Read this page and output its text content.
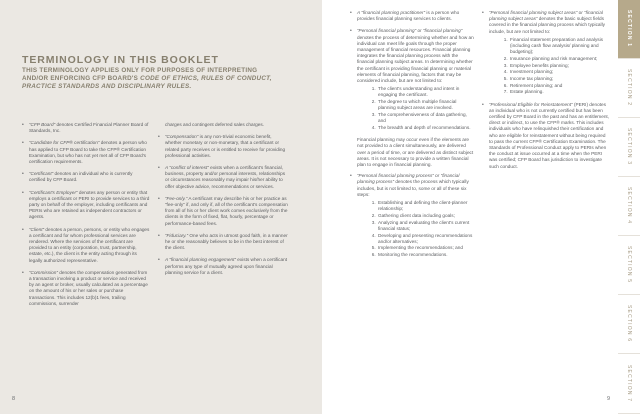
TERMINOLOGY IN THIS BOOKLET

THIS TERMINOLOGY APPLIES ONLY FOR PURPOSES OF INTERPRETING AND/OR ENFORCING CFP BOARD'S CODE OF ETHICS, RULES OF CONDUCT, PRACTICE STANDARDS AND DISCIPLINARY RULES.

• “CFP Board” denotes Certified Financial Planner Board of Standards, Inc.
• “Candidate for CFP® certification” denotes a person who has applied to CFP Board to take the CFP® Certification Examination, but who has not yet met all of CFP Board's certification requirements.
• “Certificant” denotes an individual who is currently certified by CFP Board.
• “Certificant's Employer” denotes any person or entity that employs a certificant or PERI to provide services to a third party on behalf of the employer, including certificants and PERIs who are retained as independent contractors or agents.
• “Client” denotes a person, persons, or entity who engages a certificant and for whom professional services are rendered. Where the services of the certificant are provided to an entity (corporation, trust, partnership, estate, etc.), the client is the entity acting through its legally authorized representative.
• “Commission” denotes the compensation generated from a transaction involving a product or service and received by an agent or broker, usually calculated as a percentage on the amount of his or her sales or purchase transactions. This includes 12(b)1 fees, trailing commissions, surrender
charges and contingent deferred sales charges.
• “Compensation” is any non-trivial economic benefit, whether monetary or non-monetary, that a certificant or related party receives or is entitled to receive for providing professional activities.
• A “conflict of interest” exists when a certificant's financial, business, property and/or personal interests, relationships or circumstances reasonably may impair his/her ability to offer objective advice, recommendations or services.
• “Fee-only.” A certificant may describe his or her practice as “fee-only” if, and only if, all of the certificant's compensation from all of his or her client work comes exclusively from the clients in the form of fixed, flat, hourly, percentage or performance-based fees.
• “Fiduciary.” One who acts in utmost good faith, in a manner he or she reasonably believes to be in the best interest of the client.
• A “financial planning engagement” exists when a certificant performs any type of mutually agreed upon financial planning service for a client.
8
• A “financial planning practitioner” is a person who provides financial planning services to clients.
• “Personal financial planning” or “financial planning” denotes the process of determining whether and how an individual can meet life goals through the proper management of financial resources. Financial planning integrates the financial planning process with the financial planning subject areas. In determining whether the certificant is providing financial planning or material elements of financial planning, factors that may be considered include, but are not limited to:
1. The client's understanding and intent in engaging the certificant.
2. The degree to which multiple financial planning subject areas are involved.
3. The comprehensiveness of data gathering, and
4. The breadth and depth of recommendations.

Financial planning may occur even if the elements are not provided to a client simultaneously, are delivered over a period of time, or are delivered as distinct subject areas. It is not necessary to provide a written financial plan to engage in financial planning.

• “Personal financial planning process” or “financial planning process” denotes the process which typically includes, but is not limited to, some or all of these six steps:
1. Establishing and defining the client-planner relationship;
2. Gathering client data including goals;
3. Analyzing and evaluating the client's current financial status;
4. Developing and presenting recommendations and/or alternatives;
5. Implementing the recommendations; and
6. Monitoring the recommendations.
• “Personal financial planning subject areas” or “financial planning subject areas” denotes the basic subject fields covered in the financial planning process which typically include, but are not limited to:
1. Financial statement preparation and analysis (including cash flow analysis/ planning and budgeting);
2. Insurance planning and risk management;
3. Employee benefits planning;
4. Investment planning;
5. Income tax planning;
6. Retirement planning; and
7. Estate planning.
• “Professional Eligible for Reinstatement” (PERI) denotes an individual who is not currently certified but has been certified by CFP Board in the past and has an entitlement, direct or indirect, to use the CFP® marks. This includes individuals who have relinquished their certification and who are eligible for reinstatement without being required to pass the current CFP® Certification Examination. The Standards of Professional Conduct apply to PERIs when the conduct at issue occurred at a time when the PERI was certified; CFP Board has jurisdiction to investigate such conduct.
9
SECTION 1
SECTION 2
SECTION 3
SECTION 4
SECTION 5
SECTION 6
SECTION 7
